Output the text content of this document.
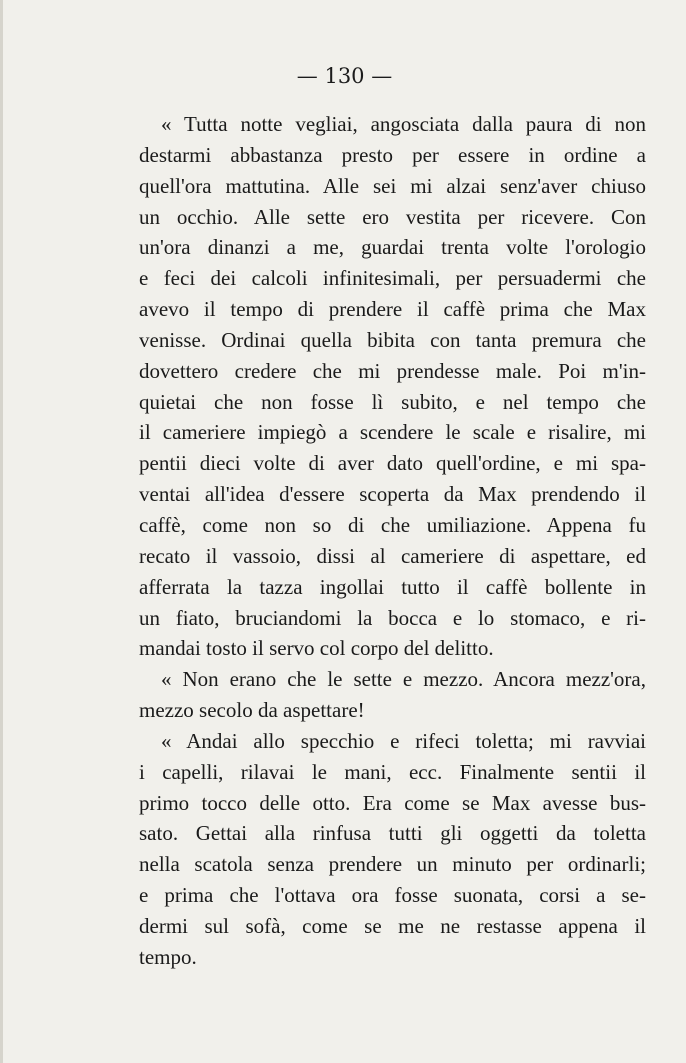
— 130 —
« Tutta notte vegliai, angosciata dalla paura di non
destarmi abbastanza presto per essere in ordine a
quell'ora mattutina. Alle sei mi alzai senz'aver chiuso
un occhio. Alle sette ero vestita per ricevere. Con
un'ora dinanzi a me, guardai trenta volte l'orologio
e feci dei calcoli infinitesimali, per persuadermi che
avevo il tempo di prendere il caffè prima che Max
venisse. Ordinai quella bibita con tanta premura che
dovettero credere che mi prendesse male. Poi m'in-
quietai che non fosse lì subito, e nel tempo che
il cameriere impiegò a scendere le scale e risalire, mi
pentii dieci volte di aver dato quell'ordine, e mi spa-
ventai all'idea d'essere scoperta da Max prendendo il
caffè, come non so di che umiliazione. Appena fu
recato il vassoio, dissi al cameriere di aspettare, ed
afferrata la tazza ingollai tutto il caffè bollente in
un fiato, bruciandomi la bocca e lo stomaco, e ri-
mandai tosto il servo col corpo del delitto.
« Non erano che le sette e mezzo. Ancora mezz'ora,
mezzo secolo da aspettare!
« Andai allo specchio e rifeci toletta; mi ravviai
i capelli, rilavai le mani, ecc. Finalmente sentii il
primo tocco delle otto. Era come se Max avesse bus-
sato. Gettai alla rinfusa tutti gli oggetti da toletta
nella scatola senza prendere un minuto per ordinarli;
e prima che l'ottava ora fosse suonata, corsi a se-
dermi sul sofà, come se me ne restasse appena il
tempo.
